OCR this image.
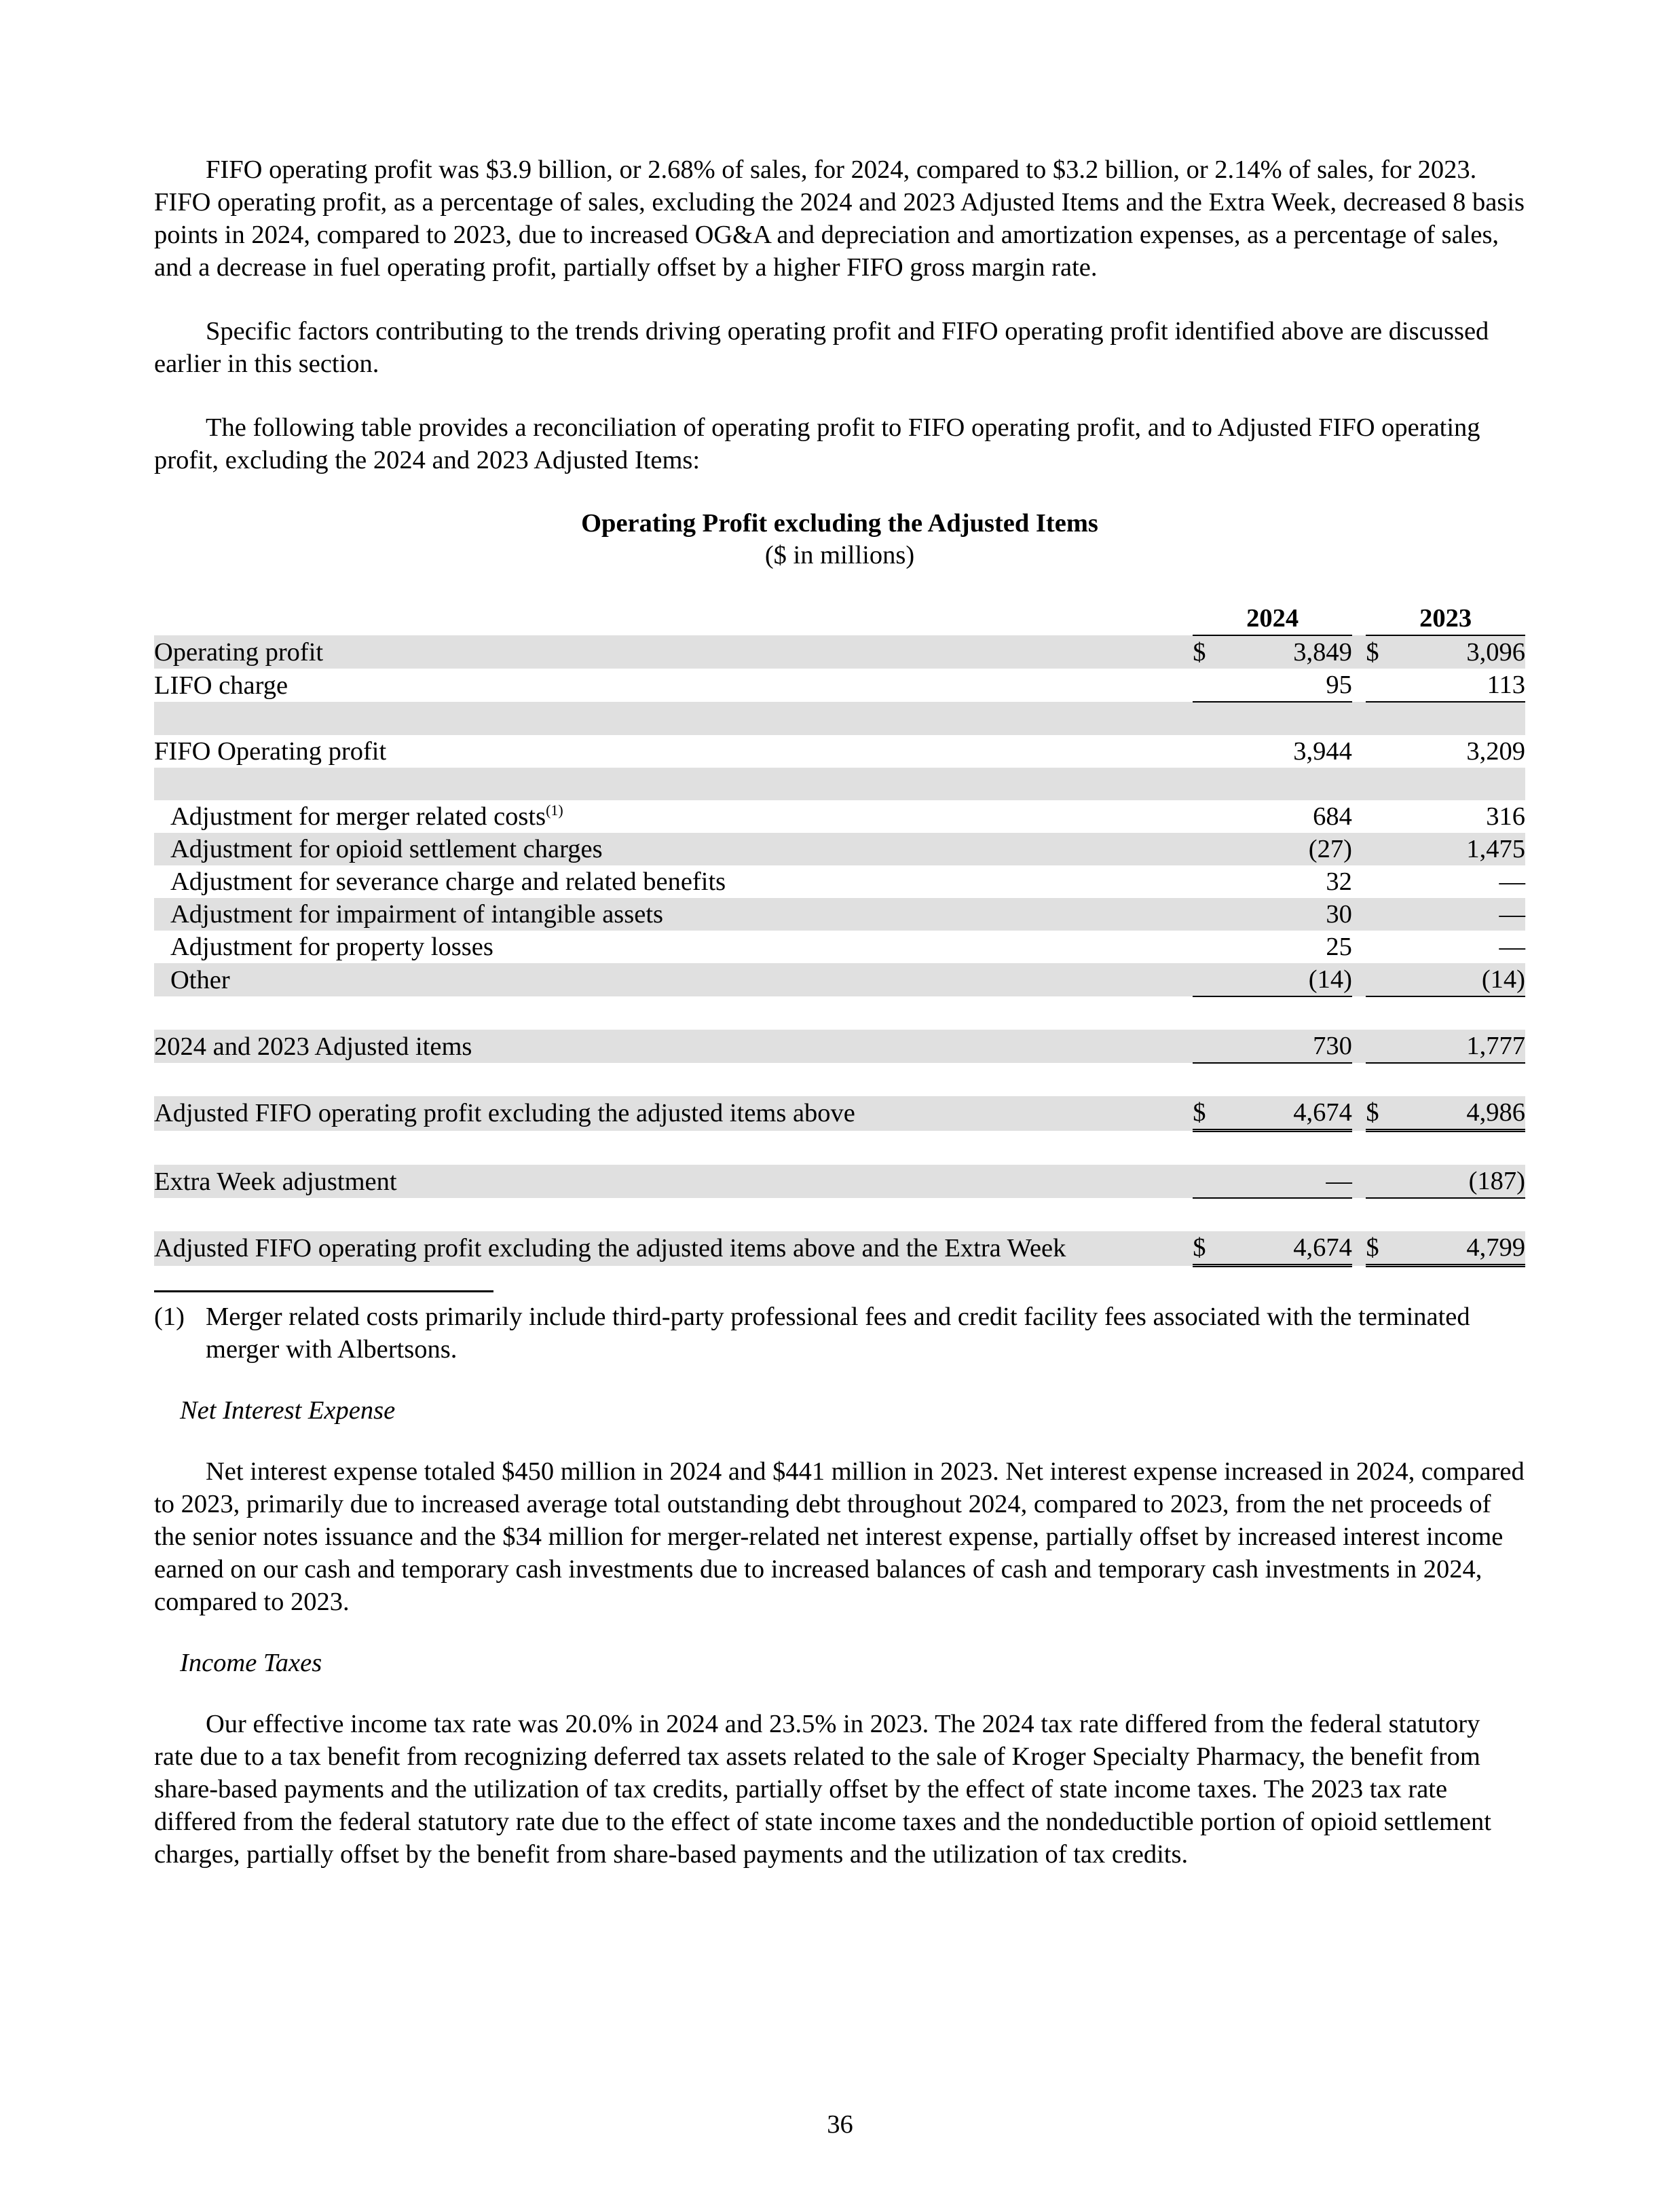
FIFO operating profit was $3.9 billion, or 2.68% of sales, for 2024, compared to $3.2 billion, or 2.14% of sales, for 2023. FIFO operating profit, as a percentage of sales, excluding the 2024 and 2023 Adjusted Items and the Extra Week, decreased 8 basis points in 2024, compared to 2023, due to increased OG&A and depreciation and amortization expenses, as a percentage of sales, and a decrease in fuel operating profit, partially offset by a higher FIFO gross margin rate.

Specific factors contributing to the trends driving operating profit and FIFO operating profit identified above are discussed earlier in this section.

The following table provides a reconciliation of operating profit to FIFO operating profit, and to Adjusted FIFO operating profit, excluding the 2024 and 2023 Adjusted Items:

Operating Profit excluding the Adjusted Items
($ in millions)
	2024			2023	
Operating profit	$	3,849		$	3,096
LIFO charge		95			113

FIFO Operating profit		3,944			3,209

Adjustment for merger related costs$^{(1)}$		684			316
Adjustment for opioid settlement charges		(27)			1,475
Adjustment for severance charge and related benefits		32			—
Adjustment for impairment of intangible assets		30			—
Adjustment for property losses		25			—
Other		(14)			(14)

2024 and 2023 Adjusted items		730			1,777

Adjusted FIFO operating profit excluding the adjusted items above	$	4,674		$	4,986

Extra Week adjustment		—			(187)

Adjusted FIFO operating profit excluding the adjusted items above and the Extra Week	$	4,674		$	4,799
(1) Merger related costs primarily include third-party professional fees and credit facility fees associated with the terminated merger with Albertsons.
Net Interest Expense

Net interest expense totaled $450 million in 2024 and $441 million in 2023. Net interest expense increased in 2024, compared to 2023, primarily due to increased average total outstanding debt throughout 2024, compared to 2023, from the net proceeds of the senior notes issuance and the $34 million for merger-related net interest expense, partially offset by increased interest income earned on our cash and temporary cash investments due to increased balances of cash and temporary cash investments in 2024, compared to 2023.

Income Taxes

Our effective income tax rate was 20.0% in 2024 and 23.5% in 2023. The 2024 tax rate differed from the federal statutory rate due to a tax benefit from recognizing deferred tax assets related to the sale of Kroger Specialty Pharmacy, the benefit from share-based payments and the utilization of tax credits, partially offset by the effect of state income taxes. The 2023 tax rate differed from the federal statutory rate due to the effect of state income taxes and the nondeductible portion of opioid settlement charges, partially offset by the benefit from share-based payments and the utilization of tax credits.

36
